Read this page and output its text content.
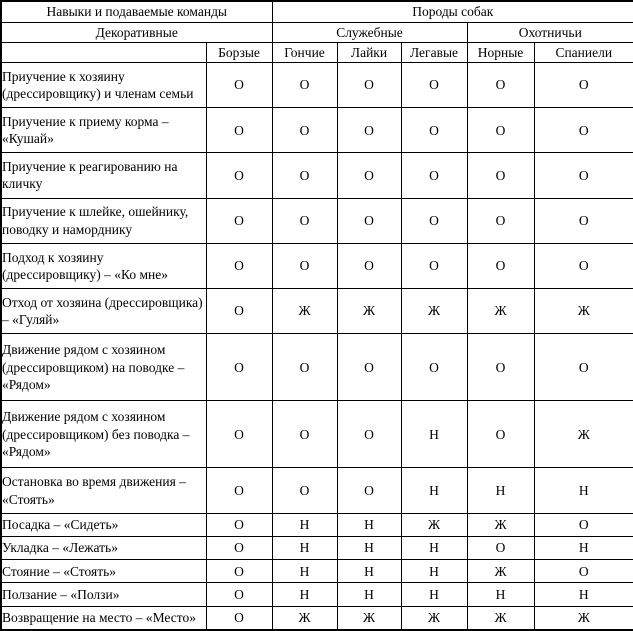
Навыки и подаваемые команды		Породы собак				
Декоративные		Служебные			Охотничьи	
	Борзые	Гончие	Лайки	Легавые	Норные	Спаниели
Приучение к хозяину (дрессировщику) и членам семьи	О	О	О	О	О	О
Приучение к приему корма – «Кушай»	О	О	О	О	О	О
Приучение к реагированию на кличку	О	О	О	О	О	О
Приучение к шлейке, ошейнику, поводку и наморднику	О	О	О	О	О	О
Подход к хозяину (дрессировщику) – «Ко мне»	О	О	О	О	О	О
Отход от хозяина (дрессировщика) – «Гуляй»	О	Ж	Ж	Ж	Ж	Ж
Движение рядом с хозяином (дрессировщиком) на поводке – «Рядом»	О	О	О	О	О	О
Движение рядом с хозяином (дрессировщиком) без поводка – «Рядом»	О	О	О	Н	О	Ж
Остановка во время движения – «Стоять»	О	О	О	Н	Н	Н
Посадка – «Сидеть»	О	Н	Н	Ж	Ж	О
Укладка – «Лежать»	О	Н	Н	Н	О	Н
Стояние – «Стоять»	О	Н	Н	Н	Ж	О
Ползание – «Ползи»	О	Н	Н	Н	Н	Н
Возвращение на место – «Место»	О	Ж	Ж	Ж	Ж	Ж
